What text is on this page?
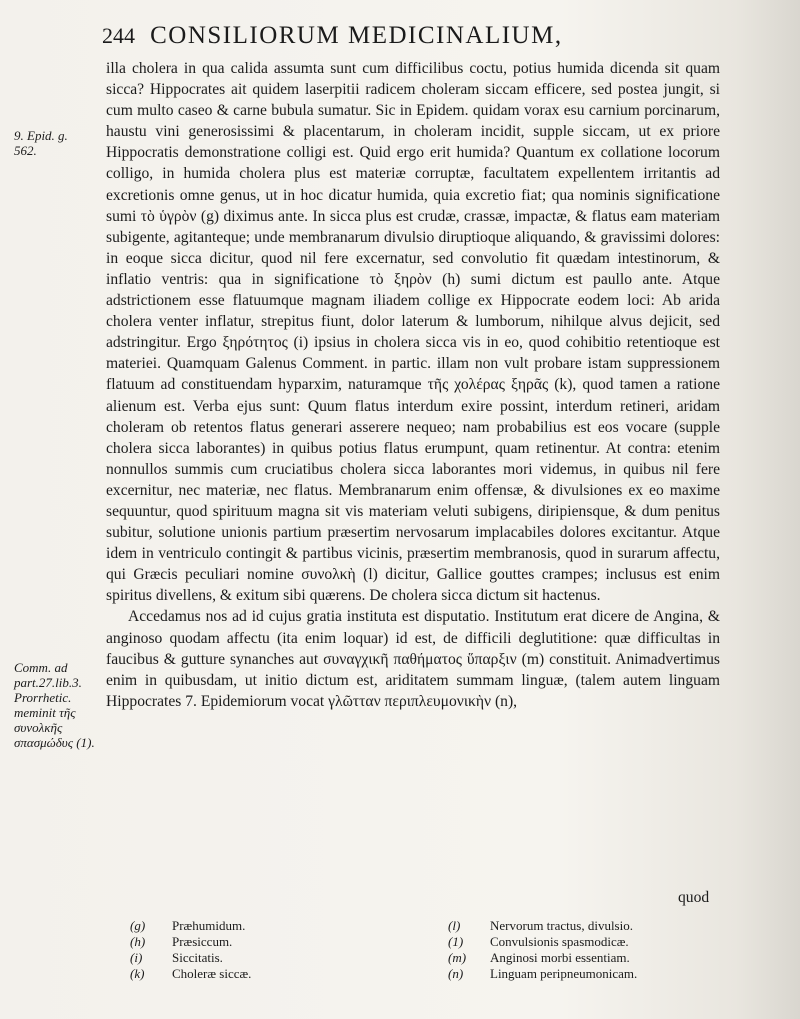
244 CONSILIORUM MEDICINALIUM,
9. Epid. g. 562.
Comm. ad part.27.lib.3. Prorrhetic. meminit τῆς συνολκῆς σπασμώδυς (1).

illa cholera in qua calida assumta sunt cum difficilibus coctu, potius humida dicenda sit quam sicca? Hippocrates ait quidem laserpitii radicem choleram siccam efficere, sed postea jungit, si cum multo caseo & carne bubula sumatur. Sic in Epidem. quidam vorax esu carnium porcinarum, haustu vini generosissimi & placentarum, in choleram incidit, supple siccam, ut ex priore Hippocratis demonstratione colligi est. Quid ergo erit humida? Quantum ex collatione locorum colligo, in humida cholera plus est materiæ corruptæ, facultatem expellentem irritantis ad excretionis omne genus, ut in hoc dicatur humida, quia excretio fiat; qua nominis significatione sumi τὸ ὑγρὸν (g) diximus ante. In sicca plus est crudæ, crassæ, impactæ, & flatus eam materiam subigente, agitanteque; unde membranarum divulsio diruptioque aliquando, & gravissimi dolores: in eoque sicca dicitur, quod nil fere excernatur, sed convolutio fit quædam intestinorum, & inflatio ventris: qua in significatione τὸ ξηρὸν (h) sumi dictum est paullo ante. Atque adstrictionem esse flatuumque magnam iliadem collige ex Hippocrate eodem loci: Ab arida cholera venter inflatur, strepitus fiunt, dolor laterum & lumborum, nihilque alvus dejicit, sed adstringitur. Ergo ξηρότητος (i) ipsius in cholera sicca vis in eo, quod cohibitio retentioque est materiei. Quamquam Galenus Comment. in partic. illam non vult probare istam suppressionem flatuum ad constituendam hyparxim, naturamque τῆς χολέρας ξηρᾶς (k), quod tamen a ratione alienum est. Verba ejus sunt: Quum flatus interdum exire possint, interdum retineri, aridam choleram ob retentos flatus generari asserere nequeo; nam probabilius est eos vocare (supple cholera sicca laborantes) in quibus potius flatus erumpunt, quam retinentur. At contra: etenim nonnullos summis cum cruciatibus cholera sicca laborantes mori videmus, in quibus nil fere excernitur, nec materiæ, nec flatus. Membranarum enim offensæ, & divulsiones ex eo maxime sequuntur, quod spirituum magna sit vis materiam veluti subigens, diripiensque, & dum penitus subitur, solutione unionis partium præsertim nervosarum implacabiles dolores excitantur. Atque idem in ventriculo contingit & partibus vicinis, præsertim membranosis, quod in surarum affectu, qui Græcis peculiari nomine συνολκὴ (l) dicitur, Gallice gouttes crampes; inclusus est enim spiritus divellens, & exitum sibi quærens. De cholera sicca dictum sit hactenus.

Accedamus nos ad id cujus gratia instituta est disputatio. Institutum erat dicere de Angina, & anginoso quodam affectu (ita enim loquar) id est, de difficili deglutitione: quæ difficultas in faucibus & gutture synanches aut συναγχικῆ παθήματος ὕπαρξιν (m) constituit. Animadvertimus enim in quibusdam, ut initio dictum est, ariditatem summam linguæ, (talem autem linguam Hippocrates 7. Epidemiorum vocat γλῶτταν περιπλευμονικὴν (n),

quod
(g) Præhumidum.
(h) Præsiccum.
(i) Siccitatis.
(k) Choleræ siccæ.
(l) Nervorum tractus, divulsio.
(1) Convulsionis spasmodicæ.
(m) Anginosi morbi essentiam.
(n) Linguam peripneumonicam.
